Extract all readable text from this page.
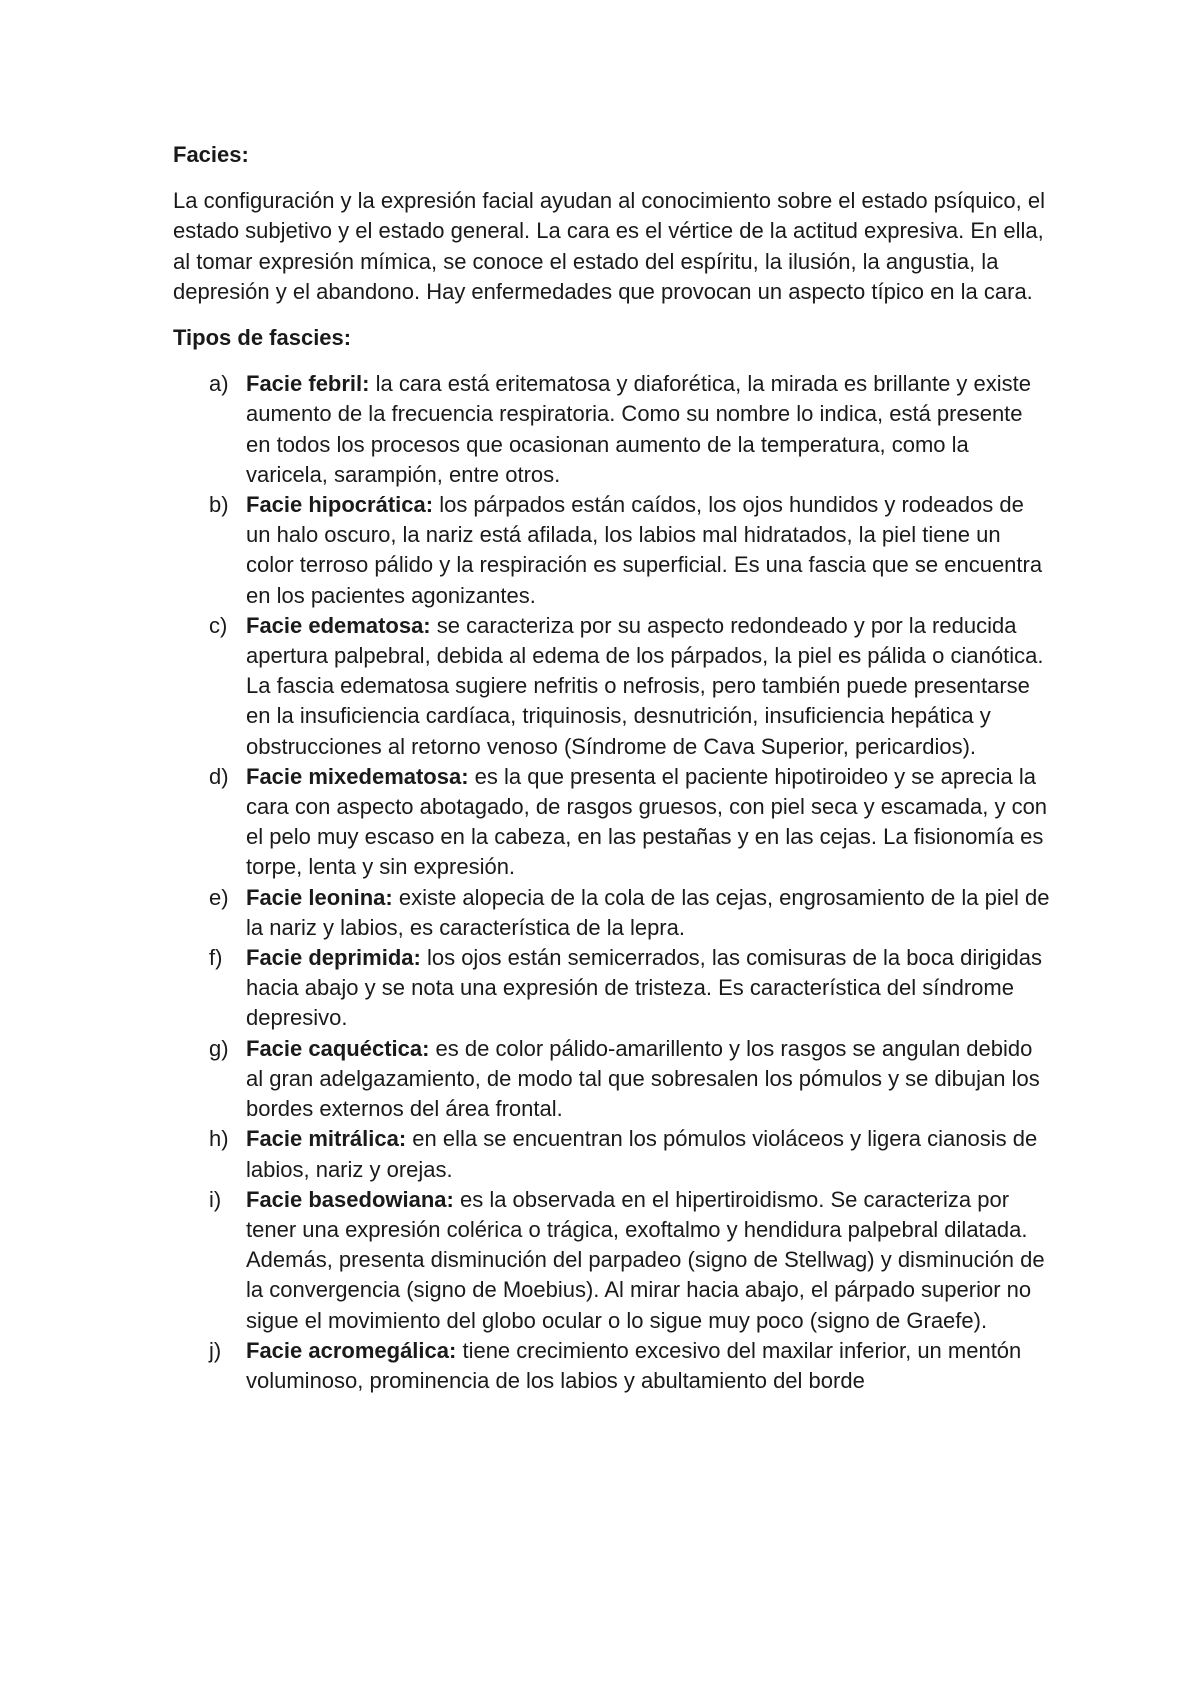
Facies:

La configuración y la expresión facial ayudan al conocimiento sobre el estado psíquico, el estado subjetivo y el estado general. La cara es el vértice de la actitud expresiva. En ella, al tomar expresión mímica, se conoce el estado del espíritu, la ilusión, la angustia, la depresión y el abandono. Hay enfermedades que provocan un aspecto típico en la cara.

Tipos de fascies:

a) Facie febril: la cara está eritematosa y diaforética, la mirada es brillante y existe aumento de la frecuencia respiratoria. Como su nombre lo indica, está presente en todos los procesos que ocasionan aumento de la temperatura, como la varicela, sarampión, entre otros.
b) Facie hipocrática: los párpados están caídos, los ojos hundidos y rodeados de un halo oscuro, la nariz está afilada, los labios mal hidratados, la piel tiene un color terroso pálido y la respiración es superficial. Es una fascia que se encuentra en los pacientes agonizantes.
c) Facie edematosa: se caracteriza por su aspecto redondeado y por la reducida apertura palpebral, debida al edema de los párpados, la piel es pálida o cianótica. La fascia edematosa sugiere nefritis o nefrosis, pero también puede presentarse en la insuficiencia cardíaca, triquinosis, desnutrición, insuficiencia hepática y obstrucciones al retorno venoso (Síndrome de Cava Superior, pericardios).
d) Facie mixedematosa: es la que presenta el paciente hipotiroideo y se aprecia la cara con aspecto abotagado, de rasgos gruesos, con piel seca y escamada, y con el pelo muy escaso en la cabeza, en las pestañas y en las cejas. La fisionomía es torpe, lenta y sin expresión.
e) Facie leonina: existe alopecia de la cola de las cejas, engrosamiento de la piel de la nariz y labios, es característica de la lepra.
f) Facie deprimida: los ojos están semicerrados, las comisuras de la boca dirigidas hacia abajo y se nota una expresión de tristeza. Es característica del síndrome depresivo.
g) Facie caquéctica: es de color pálido-amarillento y los rasgos se angulan debido al gran adelgazamiento, de modo tal que sobresalen los pómulos y se dibujan los bordes externos del área frontal.
h) Facie mitrálica: en ella se encuentran los pómulos violáceos y ligera cianosis de labios, nariz y orejas.
i) Facie basedowiana: es la observada en el hipertiroidismo. Se caracteriza por tener una expresión colérica o trágica, exoftalmo y hendidura palpebral dilatada. Además, presenta disminución del parpadeo (signo de Stellwag) y disminución de la convergencia (signo de Moebius). Al mirar hacia abajo, el párpado superior no sigue el movimiento del globo ocular o lo sigue muy poco (signo de Graefe).
j) Facie acromegálica: tiene crecimiento excesivo del maxilar inferior, un mentón voluminoso, prominencia de los labios y abultamiento del borde
